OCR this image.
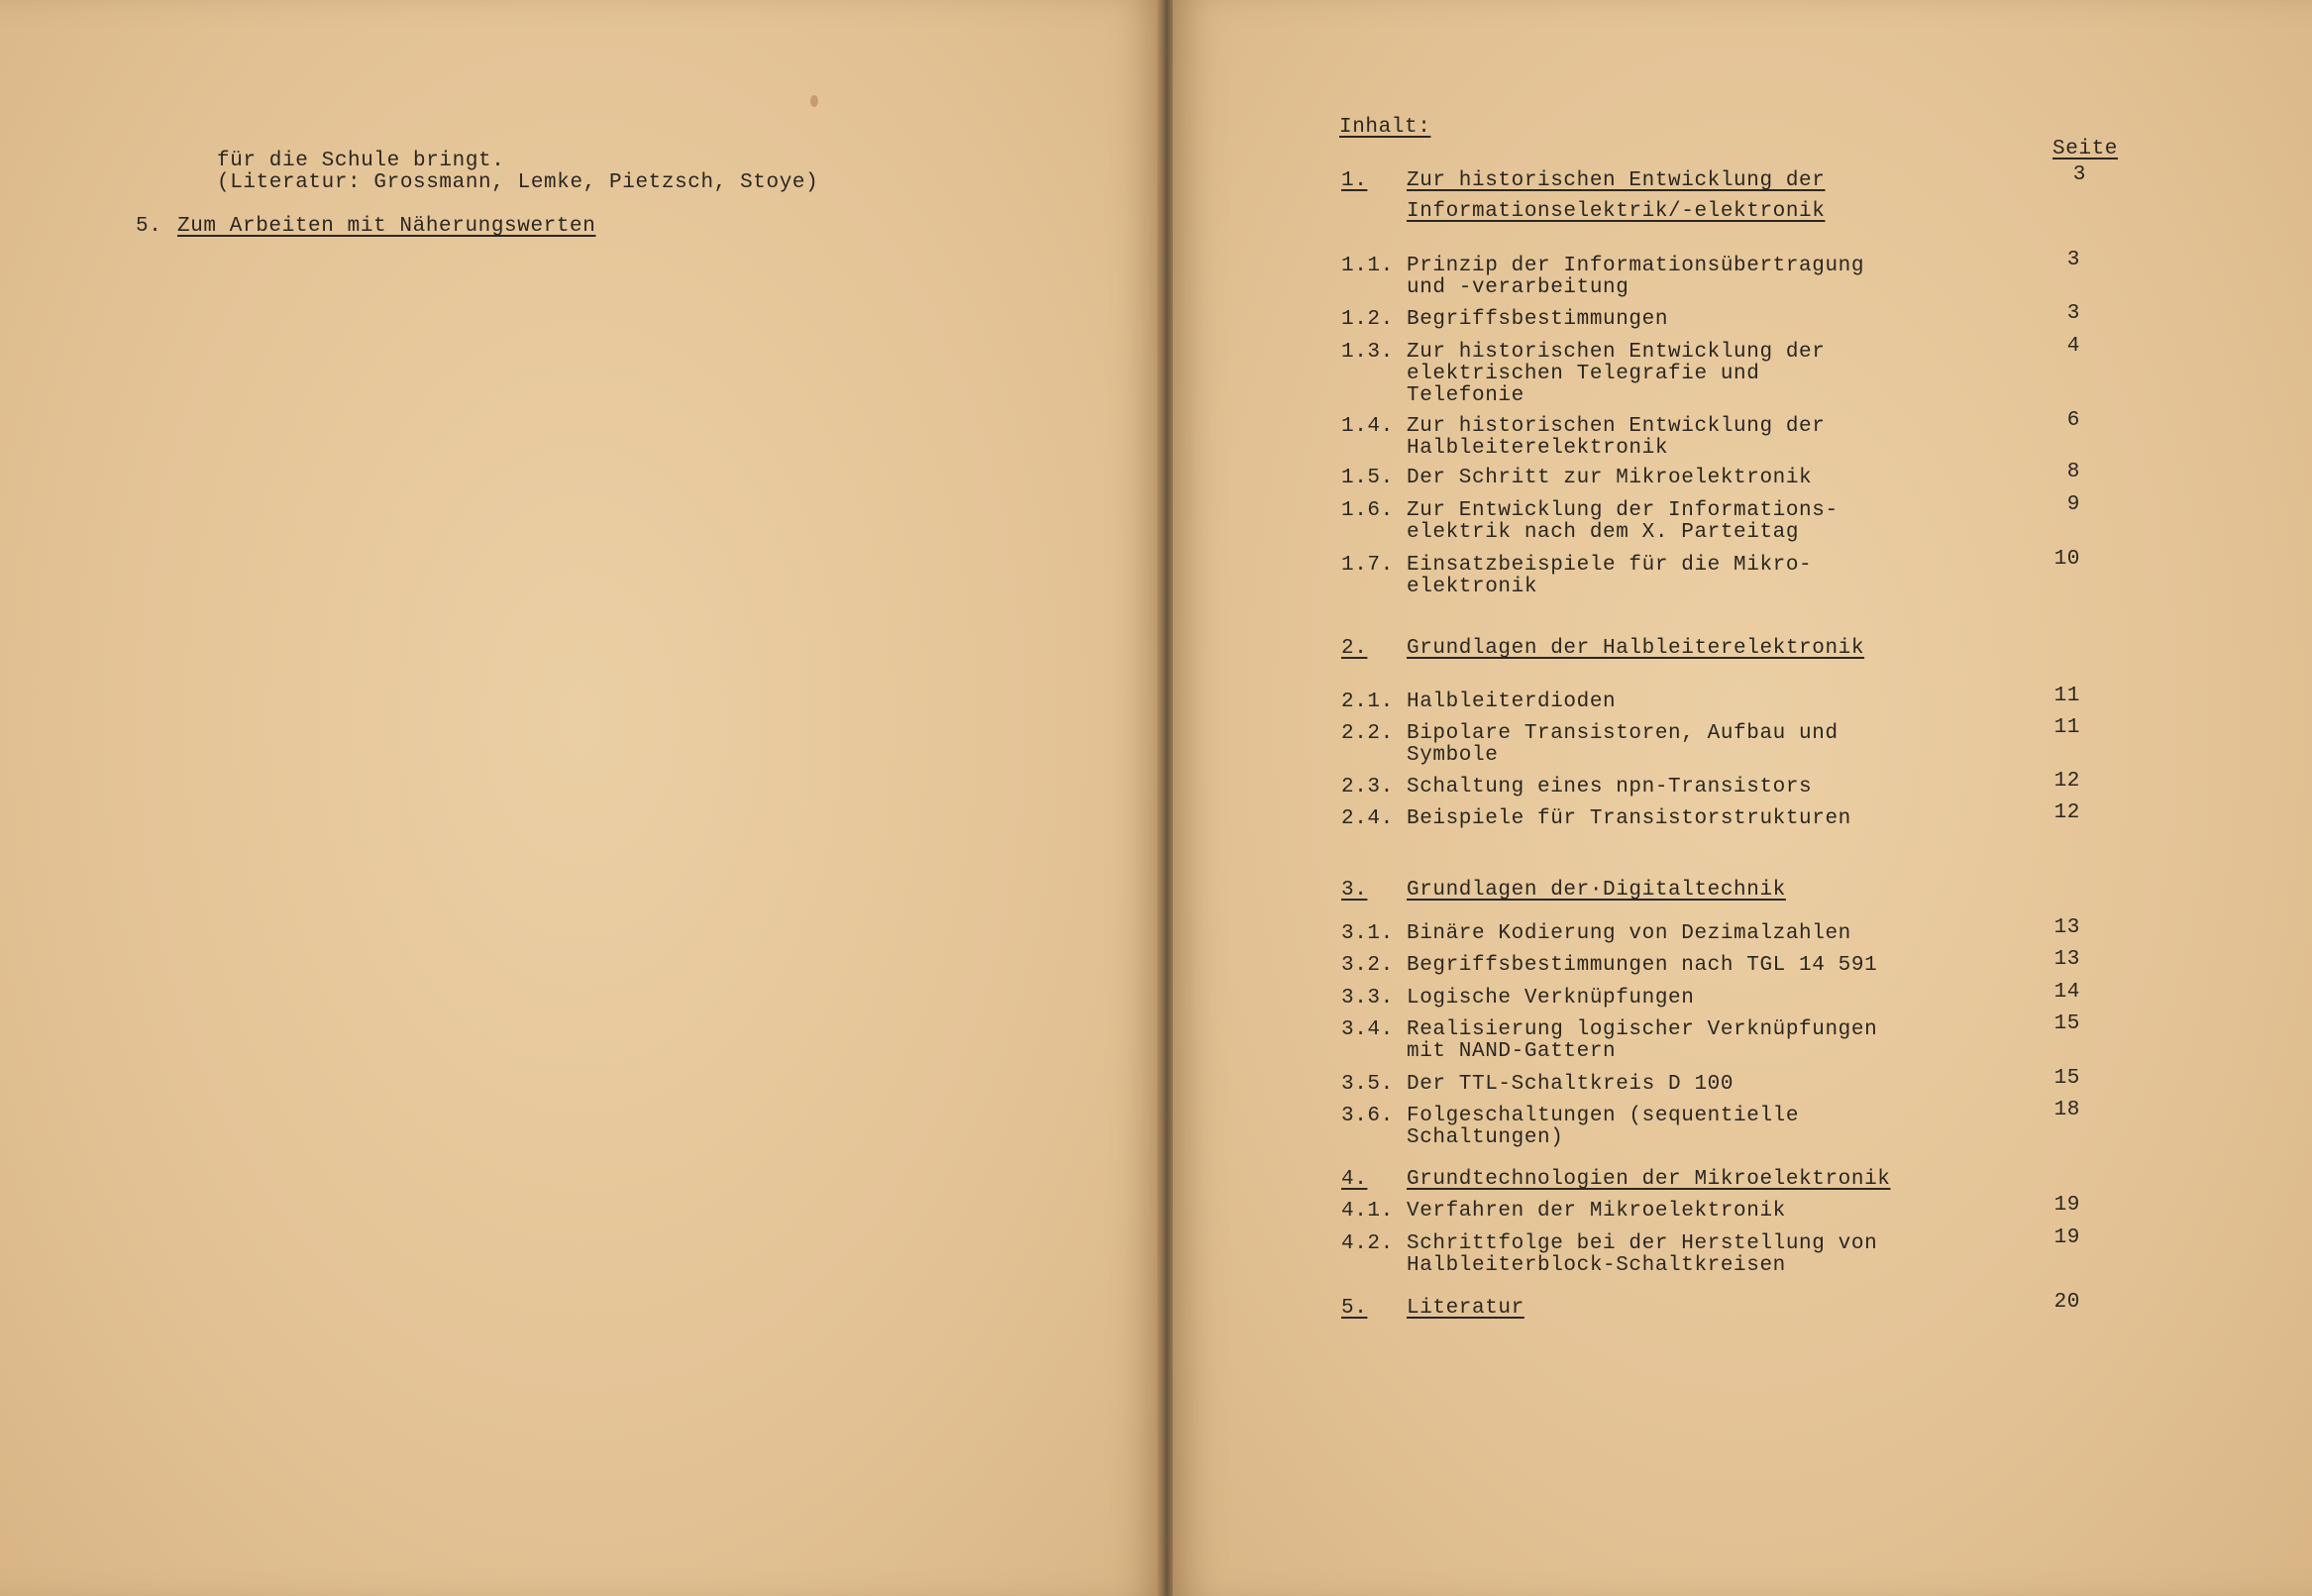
für die Schule bringt.
(Literatur: Grossmann, Lemke, Pietzsch, Stoye)
5. Zum Arbeiten mit Näherungswerten
Inhalt:
Seite
1. Zur historischen Entwicklung der
Informationselektrik/-elektronik
3
1.1. Prinzip der Informationsübertragung
und -verarbeitung
3
1.2. Begriffsbestimmungen	3
1.3. Zur historischen Entwicklung der
elektrischen Telegrafie und
Telefonie
4
1.4. Zur historischen Entwicklung der
Halbleiterelektronik
6
1.5. Der Schritt zur Mikroelektronik	8
1.6. Zur Entwicklung der Informations-
elektrik nach dem X. Parteitag
9
1.7. Einsatzbeispiele für die Mikro-
elektronik
10
2. Grundlagen der Halbleiterelektronik
2.1. Halbleiterdioden	11
2.2. Bipolare Transistoren, Aufbau und
Symbole
11
2.3. Schaltung eines npn-Transistors	12
2.4. Beispiele für Transistorstrukturen	12
3. Grundlagen der·Digitaltechnik
3.1. Binäre Kodierung von Dezimalzahlen	13
3.2. Begriffsbestimmungen nach TGL 14 591	13
3.3. Logische Verknüpfungen	14
3.4. Realisierung logischer Verknüpfungen
mit NAND-Gattern
15
3.5. Der TTL-Schaltkreis D 100	15
3.6. Folgeschaltungen (sequentielle
Schaltungen)
18
4. Grundtechnologien der Mikroelektronik
4.1. Verfahren der Mikroelektronik	19
4.2. Schrittfolge bei der Herstellung von
Halbleiterblock-Schaltkreisen
19
5. Literatur	20
